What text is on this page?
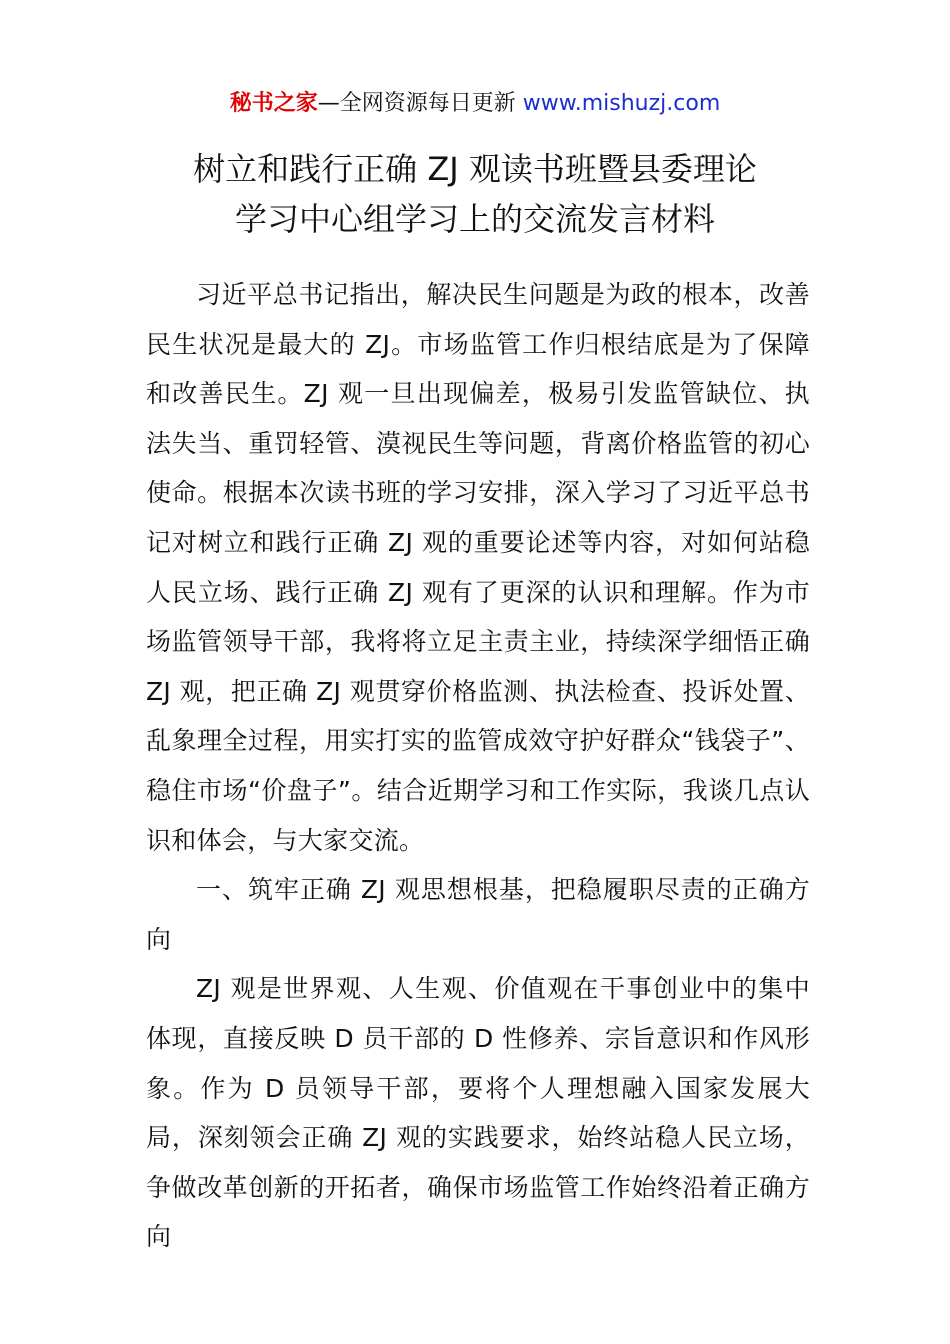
秘书之家—全网资源每日更新 www.mishuzj.com
树立和践行正确 ZJ 观读书班暨县委理论
学习中心组学习上的交流发言材料

习近平总书记指出，解决民生问题是为政的根本，改善民生状况是最大的 ZJ。市场监管工作归根结底是为了保障和改善民生。ZJ 观一旦出现偏差，极易引发监管缺位、执法失当、重罚轻管、漠视民生等问题，背离价格监管的初心使命。根据本次读书班的学习安排，深入学习了习近平总书记对树立和践行正确 ZJ 观的重要论述等内容，对如何站稳人民立场、践行正确 ZJ 观有了更深的认识和理解。作为市场监管领导干部，我将将立足主责主业，持续深学细悟正确 ZJ 观，把正确 ZJ 观贯穿价格监测、执法检查、投诉处置、乱象理全过程，用实打实的监管成效守护好群众“钱袋子”、稳住市场“价盘子”。结合近期学习和工作实际，我谈几点认识和体会，与大家交流。

一、筑牢正确 ZJ 观思想根基，把稳履职尽责的正确方向

ZJ 观是世界观、人生观、价值观在干事创业中的集中体现，直接反映 D 员干部的 D 性修养、宗旨意识和作风形象。作为 D 员领导干部，要将个人理想融入国家发展大局，深刻领会正确 ZJ 观的实践要求，始终站稳人民立场，争做改革创新的开拓者，确保市场监管工作始终沿着正确方向
